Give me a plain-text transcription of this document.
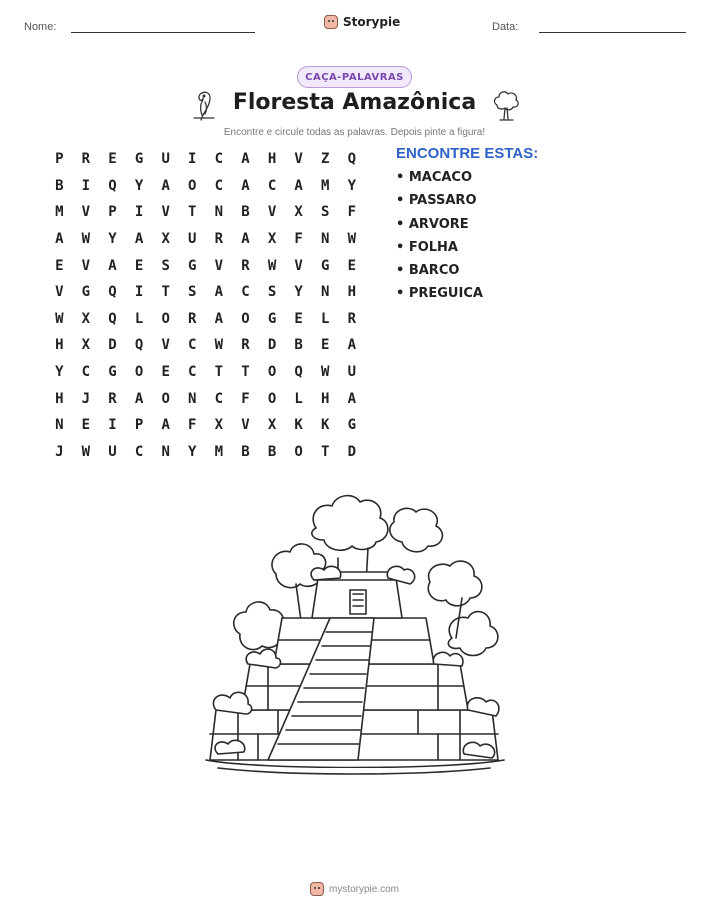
Nome:	Storypie	Data:
CAÇA-PALAVRAS
Floresta Amazônica
Encontre e circule todas as palavras. Depois pinte a figura!
P	R	E	G	U	I	C	A	H	V	Z	Q
B	I	Q	Y	A	O	C	A	C	A	M	Y
M	V	P	I	V	T	N	B	V	X	S	F
A	W	Y	A	X	U	R	A	X	F	N	W
E	V	A	E	S	G	V	R	W	V	G	E
V	G	Q	I	T	S	A	C	S	Y	N	H
W	X	Q	L	O	R	A	O	G	E	L	R
H	X	D	Q	V	C	W	R	D	B	E	A
Y	C	G	O	E	C	T	T	O	Q	W	U
H	J	R	A	O	N	C	F	O	L	H	A
N	E	I	P	A	F	X	V	X	K	K	G
J	W	U	C	N	Y	M	B	B	O	T	D
ENCONTRE ESTAS:
• MACACO
• PASSARO
• ARVORE
• FOLHA
• BARCO
• PREGUICA
mystorypie.com
